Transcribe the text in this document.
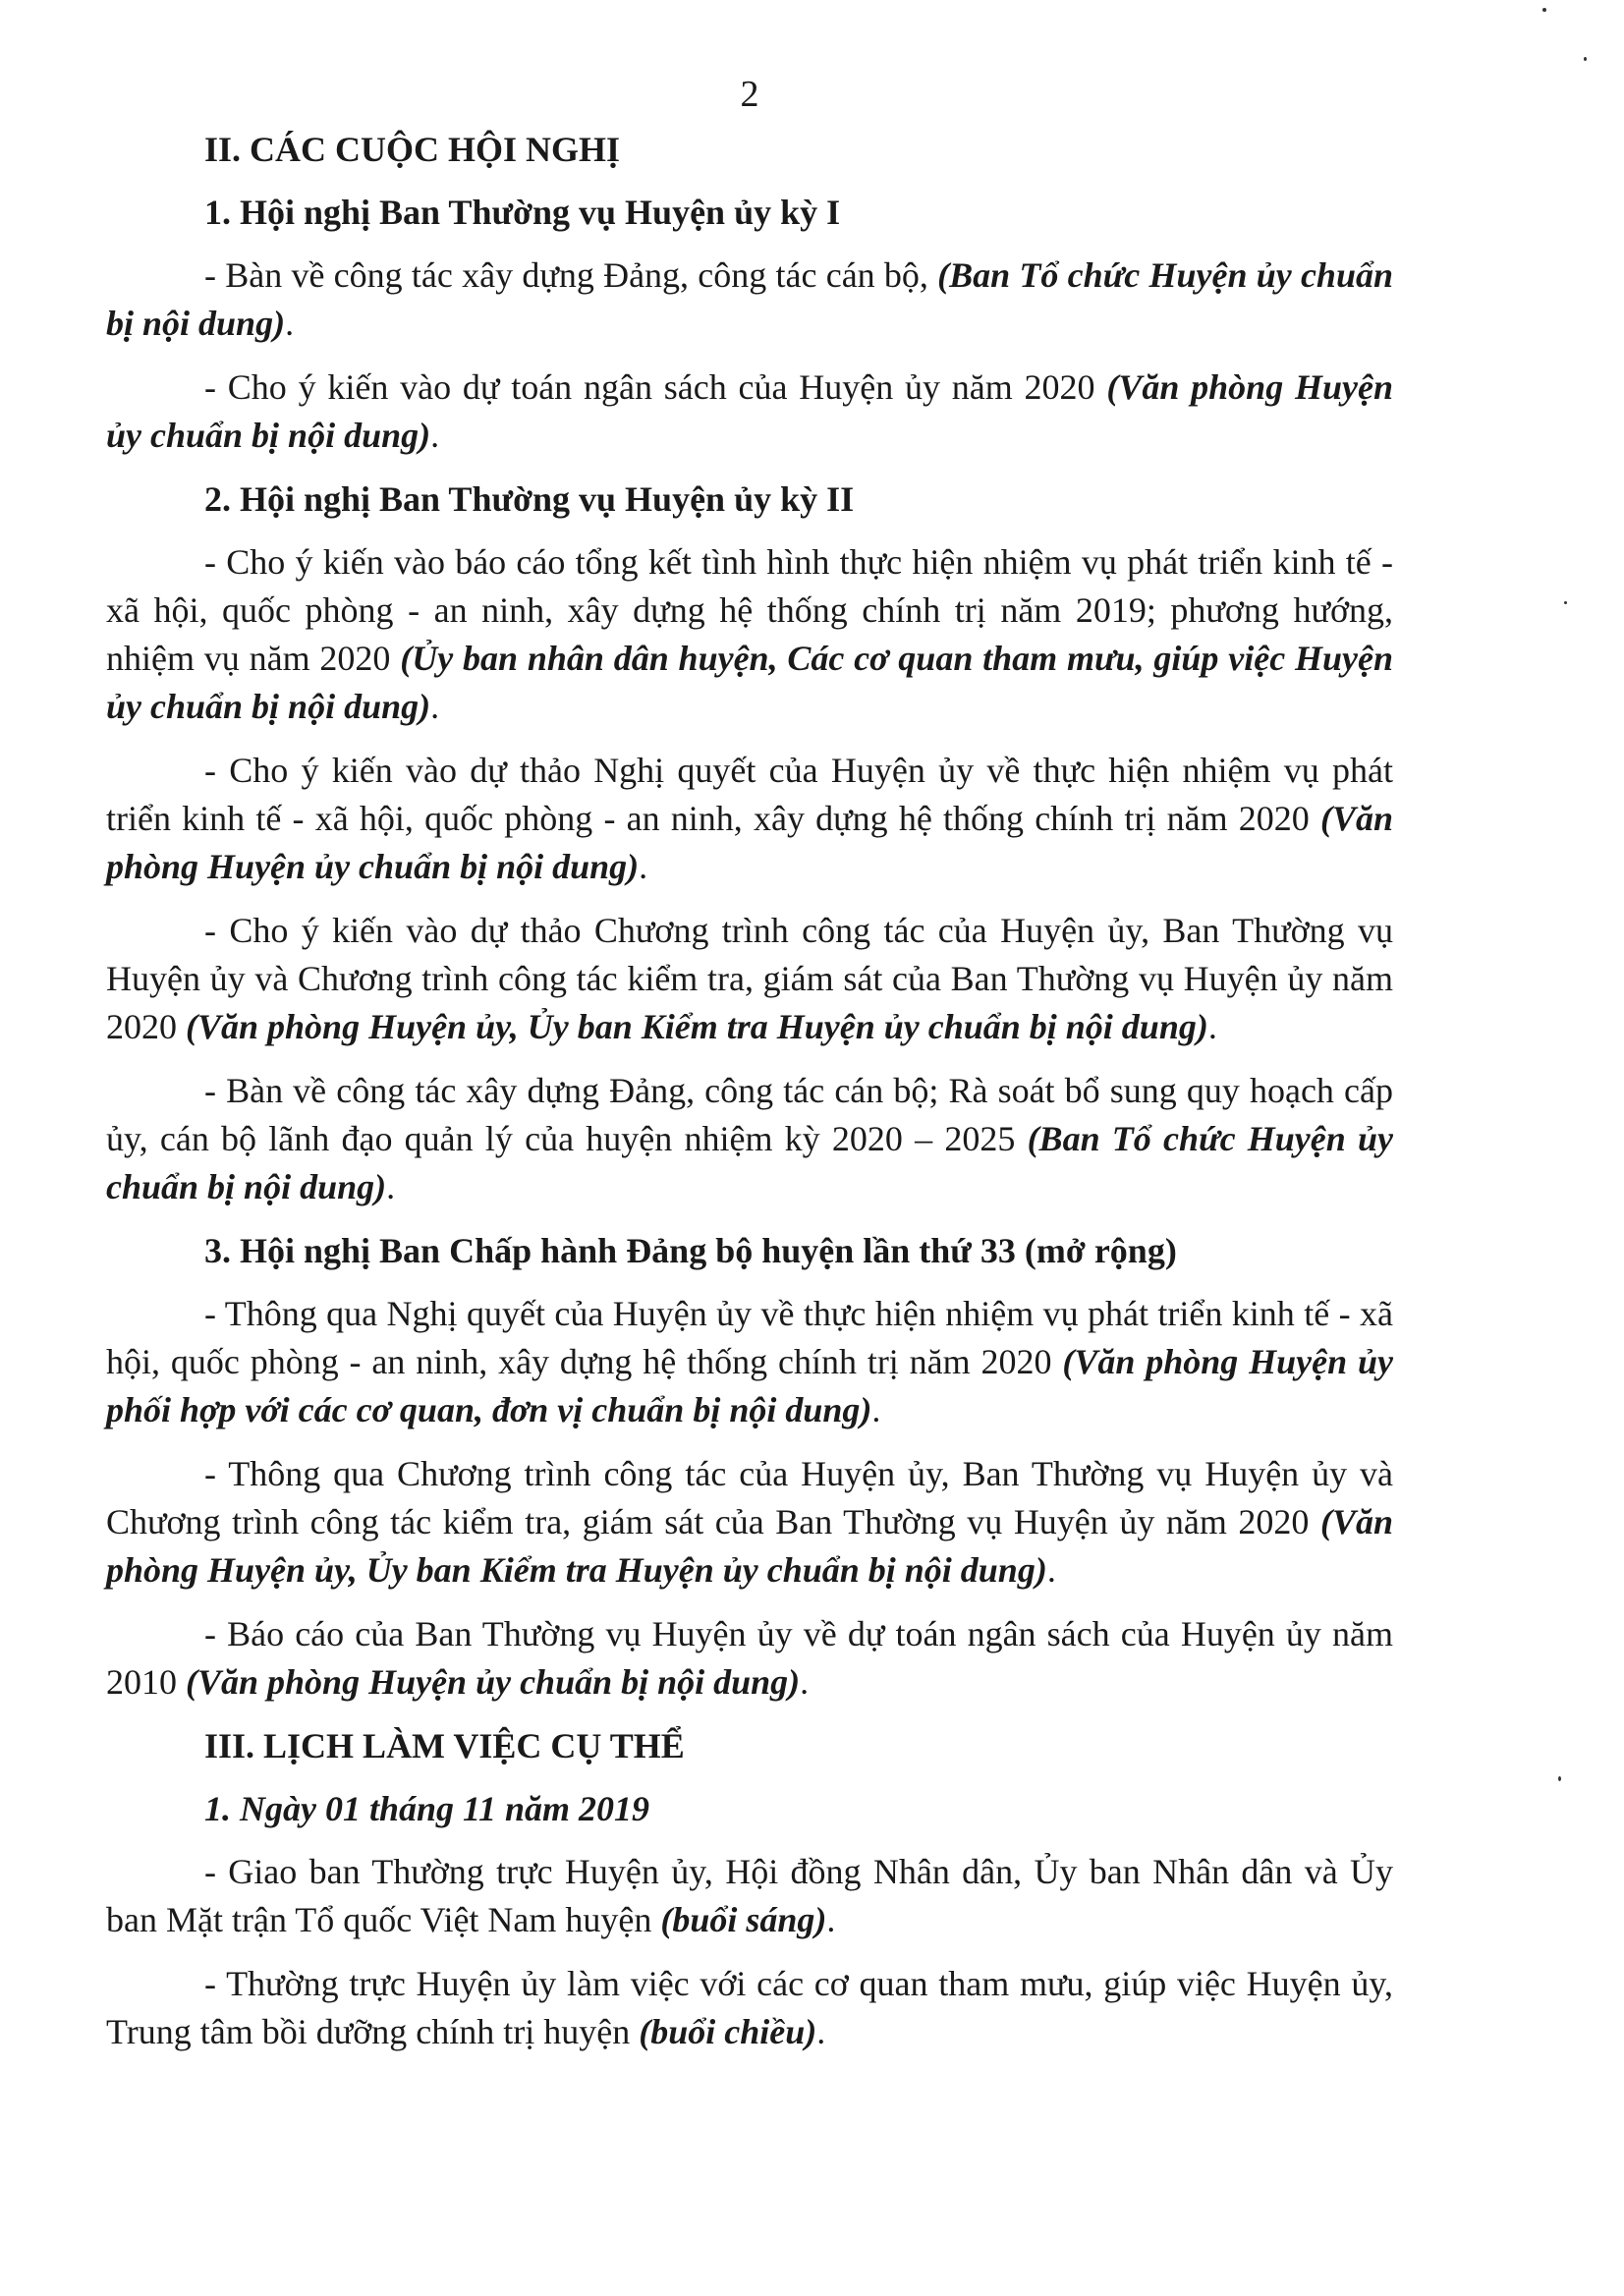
2
II. CÁC CUỘC HỘI NGHỊ
1. Hội nghị Ban Thường vụ Huyện ủy kỳ I
- Bàn về công tác xây dựng Đảng, công tác cán bộ, (Ban Tổ chức Huyện ủy chuẩn bị nội dung).
- Cho ý kiến vào dự toán ngân sách của Huyện ủy năm 2020 (Văn phòng Huyện ủy chuẩn bị nội dung).
2. Hội nghị Ban Thường vụ Huyện ủy kỳ II
- Cho ý kiến vào báo cáo tổng kết tình hình thực hiện nhiệm vụ phát triển kinh tế - xã hội, quốc phòng - an ninh, xây dựng hệ thống chính trị năm 2019; phương hướng, nhiệm vụ năm 2020 (Ủy ban nhân dân huyện, Các cơ quan tham mưu, giúp việc Huyện ủy chuẩn bị nội dung).
- Cho ý kiến vào dự thảo Nghị quyết của Huyện ủy về thực hiện nhiệm vụ phát triển kinh tế - xã hội, quốc phòng - an ninh, xây dựng hệ thống chính trị năm 2020 (Văn phòng Huyện ủy chuẩn bị nội dung).
- Cho ý kiến vào dự thảo Chương trình công tác của Huyện ủy, Ban Thường vụ Huyện ủy và Chương trình công tác kiểm tra, giám sát của Ban Thường vụ Huyện ủy năm 2020 (Văn phòng Huyện ủy, Ủy ban Kiểm tra Huyện ủy chuẩn bị nội dung).
- Bàn về công tác xây dựng Đảng, công tác cán bộ; Rà soát bổ sung quy hoạch cấp ủy, cán bộ lãnh đạo quản lý của huyện nhiệm kỳ 2020 – 2025 (Ban Tổ chức Huyện ủy chuẩn bị nội dung).
3. Hội nghị Ban Chấp hành Đảng bộ huyện lần thứ 33 (mở rộng)
- Thông qua Nghị quyết của Huyện ủy về thực hiện nhiệm vụ phát triển kinh tế - xã hội, quốc phòng - an ninh, xây dựng hệ thống chính trị năm 2020 (Văn phòng Huyện ủy phối hợp với các cơ quan, đơn vị chuẩn bị nội dung).
- Thông qua Chương trình công tác của Huyện ủy, Ban Thường vụ Huyện ủy và Chương trình công tác kiểm tra, giám sát của Ban Thường vụ Huyện ủy năm 2020 (Văn phòng Huyện ủy, Ủy ban Kiểm tra Huyện ủy chuẩn bị nội dung).
- Báo cáo của Ban Thường vụ Huyện ủy về dự toán ngân sách của Huyện ủy năm 2010 (Văn phòng Huyện ủy chuẩn bị nội dung).
III. LỊCH LÀM VIỆC CỤ THỂ
1. Ngày 01 tháng 11 năm 2019
- Giao ban Thường trực Huyện ủy, Hội đồng Nhân dân, Ủy ban Nhân dân và Ủy ban Mặt trận Tổ quốc Việt Nam huyện (buổi sáng).
- Thường trực Huyện ủy làm việc với các cơ quan tham mưu, giúp việc Huyện ủy, Trung tâm bồi dưỡng chính trị huyện (buổi chiều).
